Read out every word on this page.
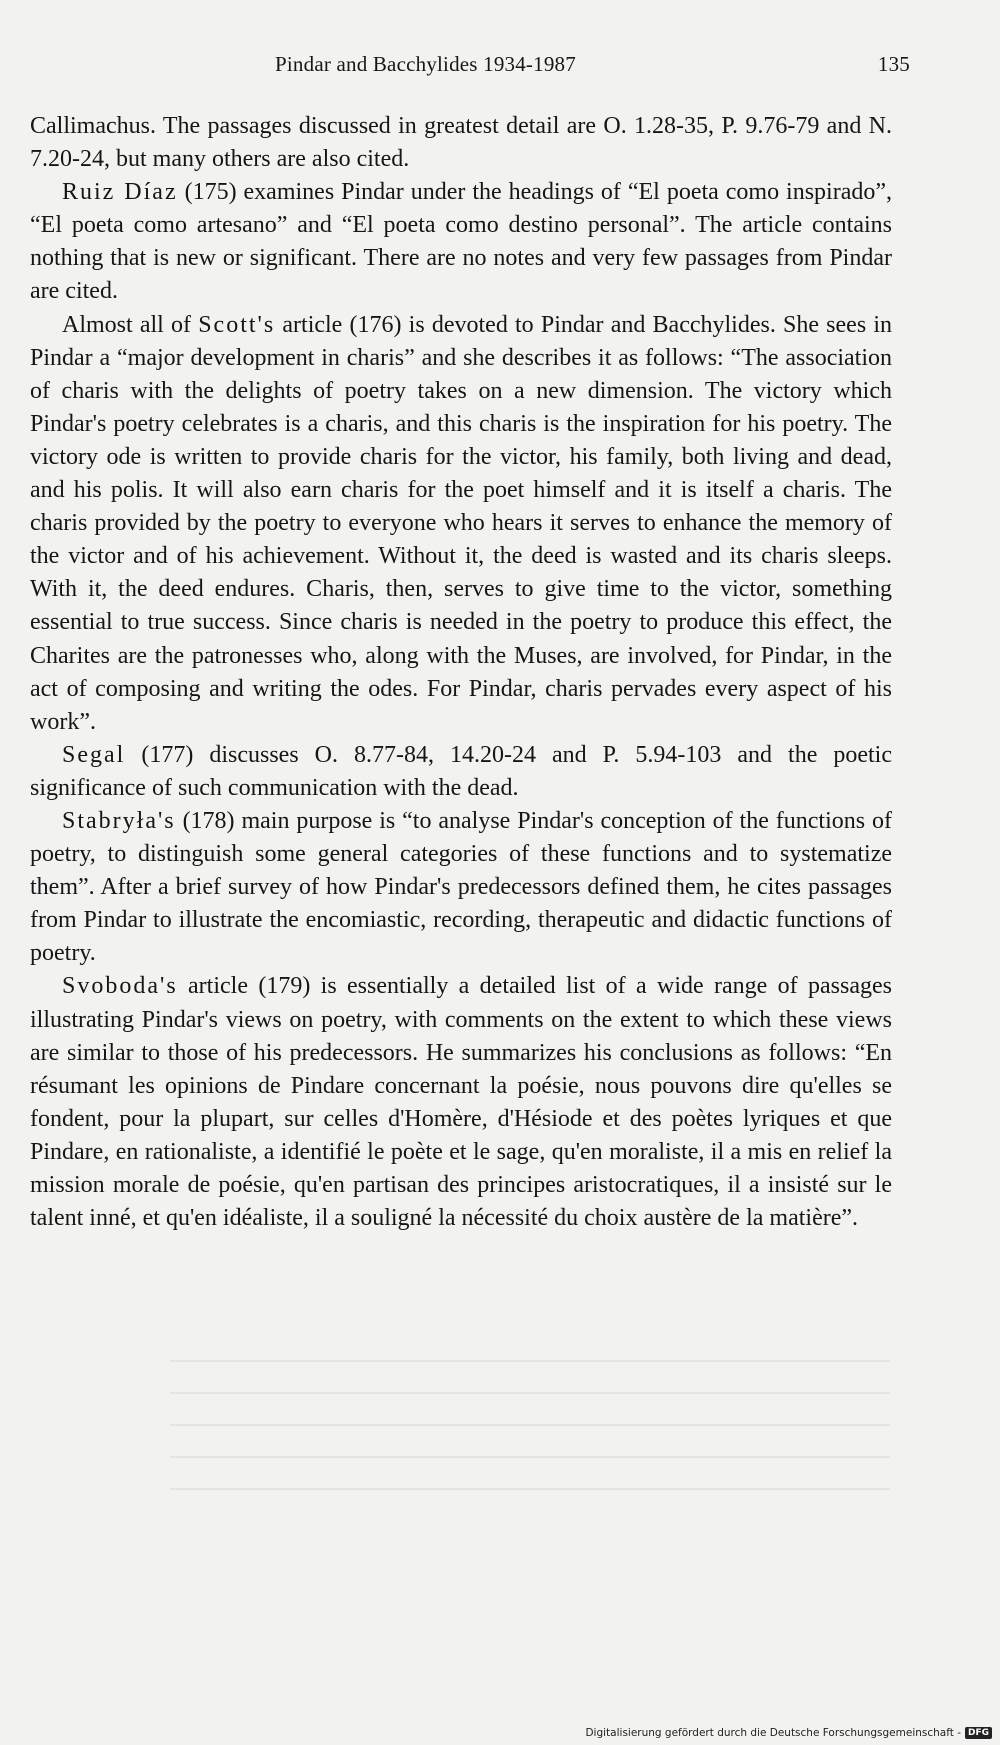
Pindar and Bacchylides 1934-1987	135

Callimachus. The passages discussed in greatest detail are O. 1.28-35, P. 9.76-79 and N. 7.20-24, but many others are also cited.

Ruiz Díaz (175) examines Pindar under the headings of “El poeta como inspirado”, “El poeta como artesano” and “El poeta como destino personal”. The article contains nothing that is new or significant. There are no notes and very few passages from Pindar are cited.

Almost all of Scott's article (176) is devoted to Pindar and Bacchylides. She sees in Pindar a “major development in charis” and she describes it as follows: “The association of charis with the delights of poetry takes on a new dimension. The victory which Pindar's poetry celebrates is a charis, and this charis is the inspiration for his poetry. The victory ode is written to provide charis for the victor, his family, both living and dead, and his polis. It will also earn charis for the poet himself and it is itself a charis. The charis provided by the poetry to everyone who hears it serves to enhance the memory of the victor and of his achievement. Without it, the deed is wasted and its charis sleeps. With it, the deed endures. Charis, then, serves to give time to the victor, something essential to true success. Since charis is needed in the poetry to produce this effect, the Charites are the patronesses who, along with the Muses, are involved, for Pindar, in the act of composing and writing the odes. For Pindar, charis pervades every aspect of his work”.

Segal (177) discusses O. 8.77-84, 14.20-24 and P. 5.94-103 and the poetic significance of such communication with the dead.

Stabryła's (178) main purpose is “to analyse Pindar's conception of the functions of poetry, to distinguish some general categories of these functions and to systematize them”. After a brief survey of how Pindar's predecessors defined them, he cites passages from Pindar to illustrate the encomiastic, recording, therapeutic and didactic functions of poetry.

Svoboda's article (179) is essentially a detailed list of a wide range of passages illustrating Pindar's views on poetry, with comments on the extent to which these views are similar to those of his predecessors. He summarizes his conclusions as follows: “En résumant les opinions de Pindare concernant la poésie, nous pouvons dire qu'elles se fondent, pour la plupart, sur celles d'Homère, d'Hésiode et des poètes lyriques et que Pindare, en rationaliste, a identifié le poète et le sage, qu'en moraliste, il a mis en relief la mission morale de poésie, qu'en partisan des principes aristocratiques, il a insisté sur le talent inné, et qu'en idéaliste, il a souligné la nécessité du choix austère de la matière”.

Digitalisierung gefördert durch die Deutsche Forschungsgemeinschaft - DFG
